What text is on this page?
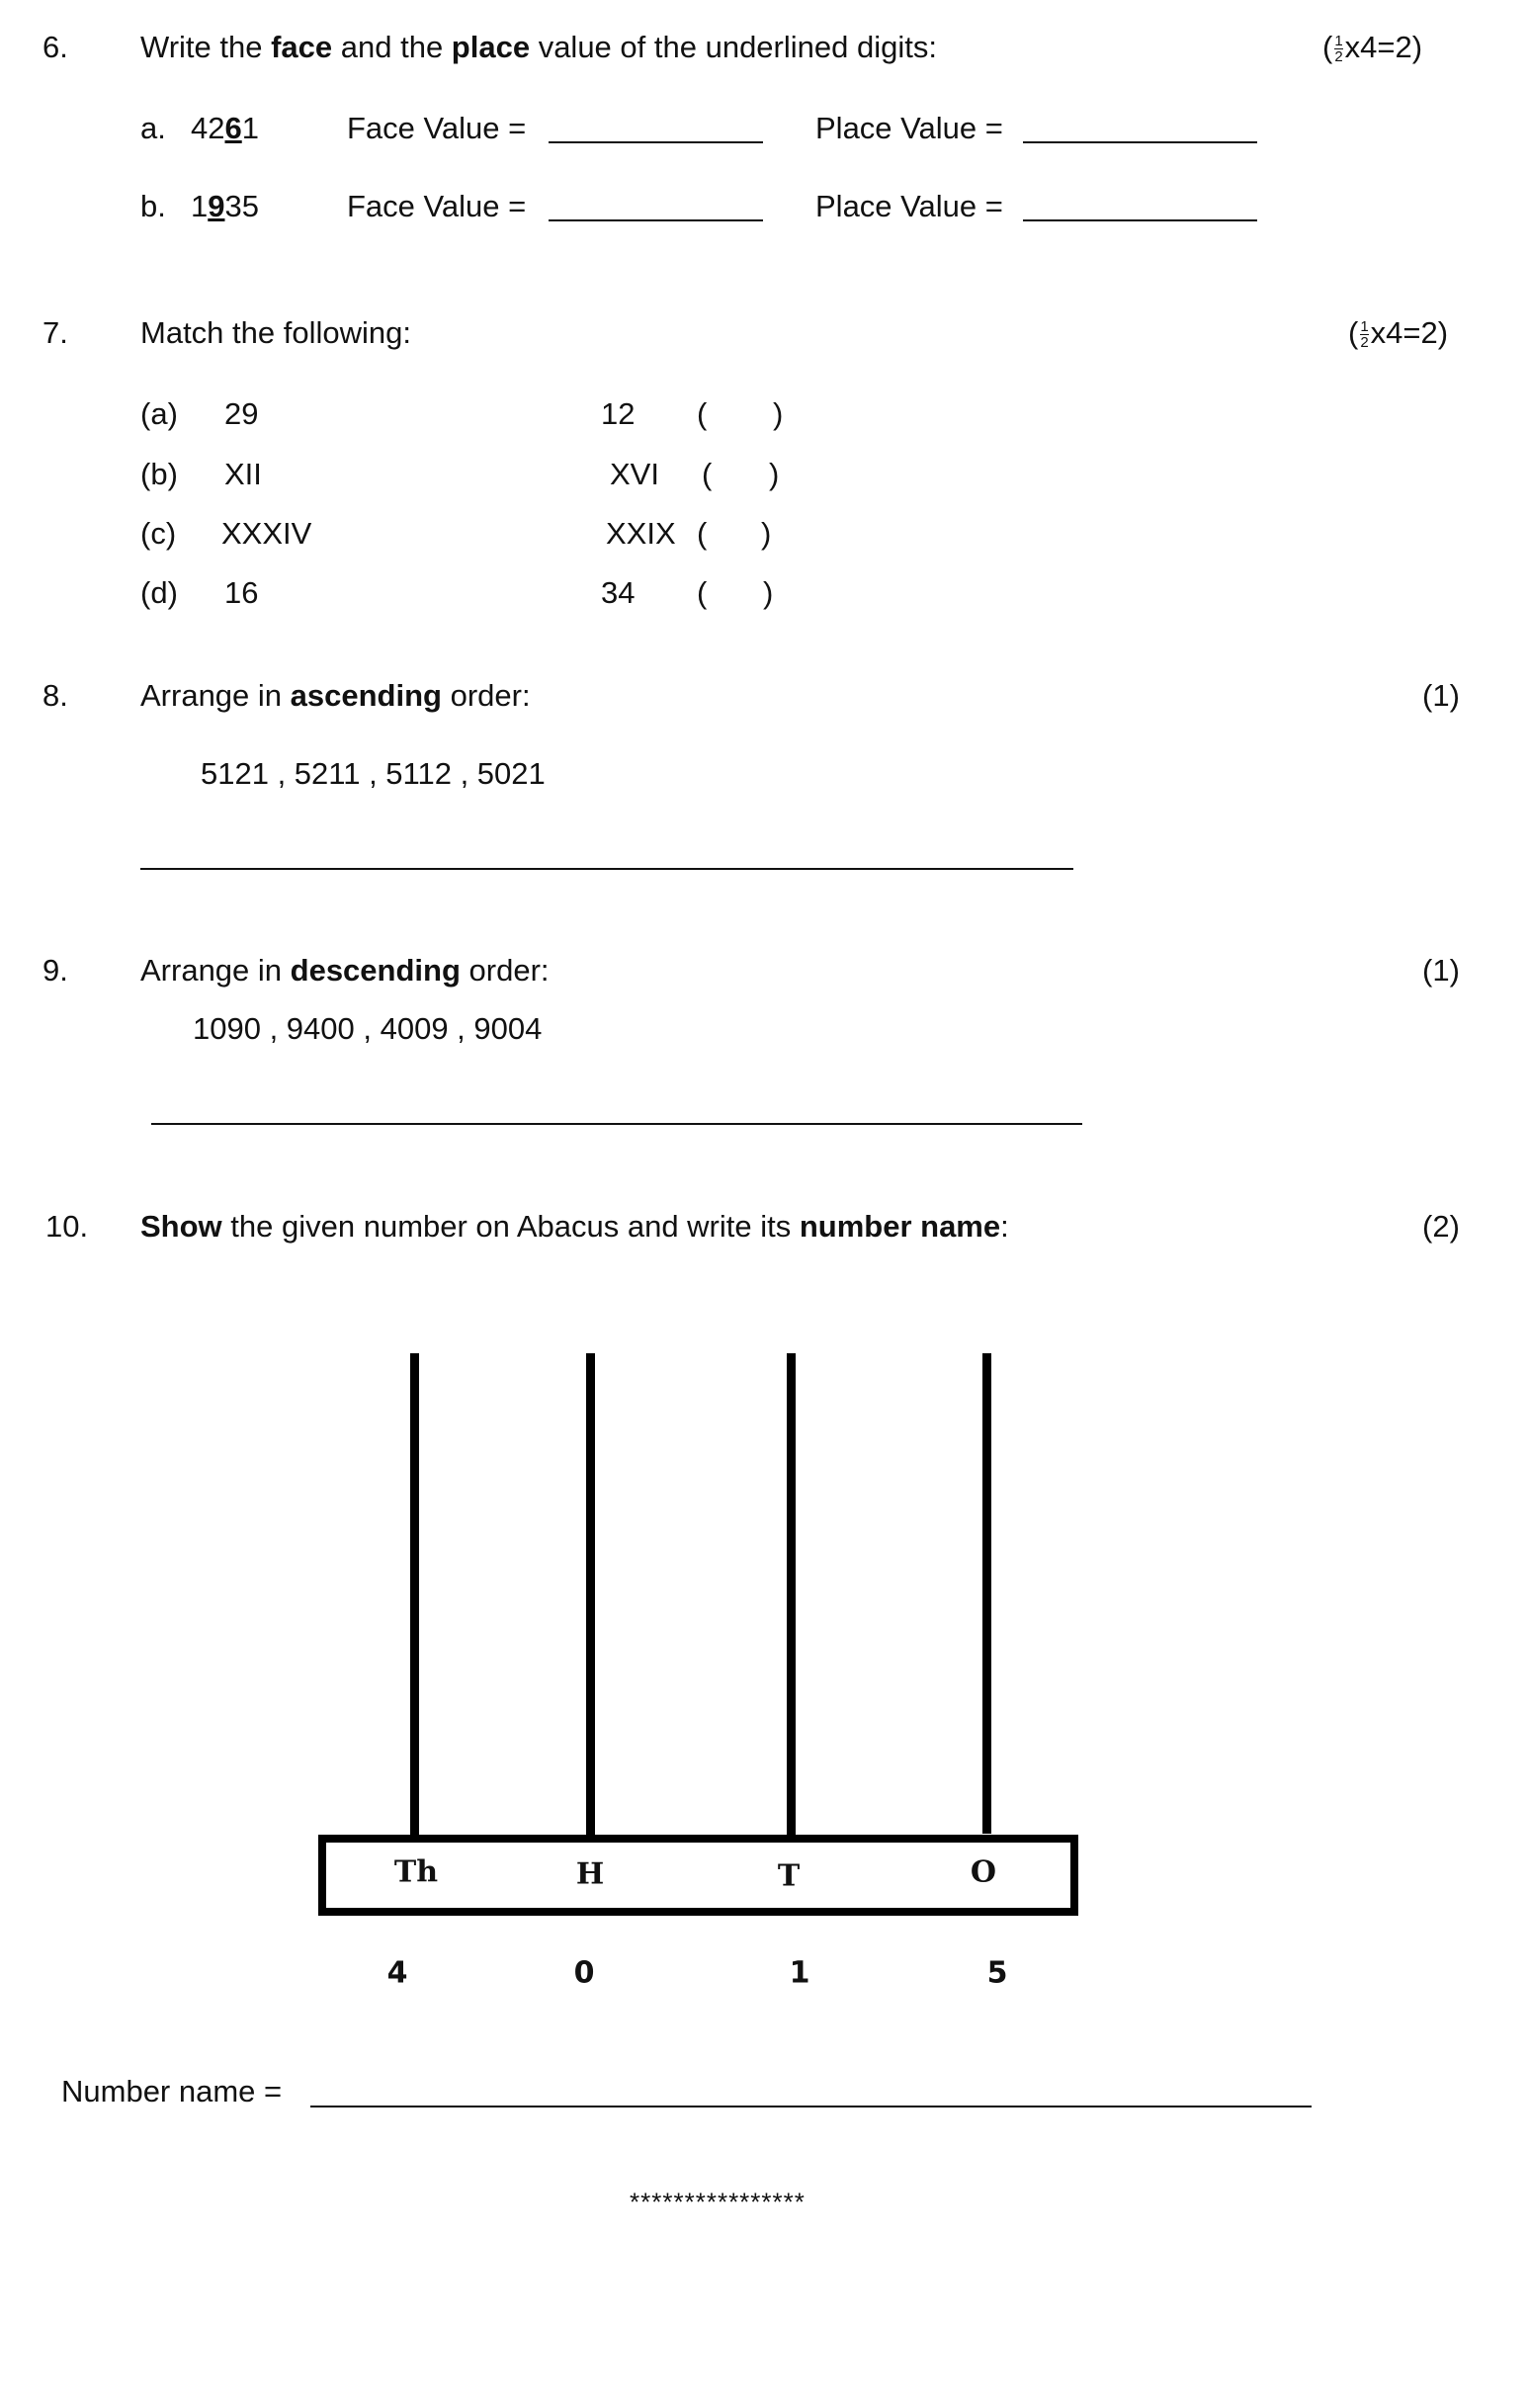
6. Write the face and the place value of the underlined digits:	( $\frac{1}{2} x4=2$)
a. 4261	Face Value =	Place Value =
b. 1935	Face Value =	Place Value =
7. Match the following:	( $\frac{1}{2} x4=2$)
(a) 29	12 ( )
(b) XII	XVI ( )
(c) XXXIV	XXIX ( )
(d) 16	34 ( )
8. Arrange in ascending order:	(1)
5121 , 5211 , 5112 , 5021
9. Arrange in descending order:	(1)
1090 , 9400 , 4009 , 9004
10. Show the given number on Abacus and write its number name:	(2)
Th	H	T	O
4	0	1	5
Number name =
****************
